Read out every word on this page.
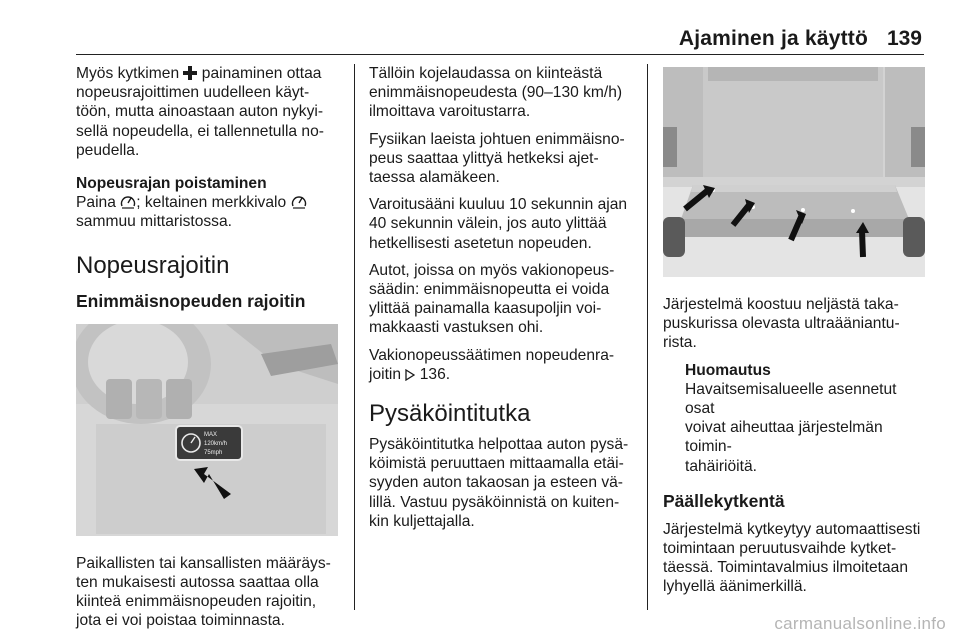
Ajaminen ja käyttö 139

Myös kytkimen  painaminen ottaa
nopeusrajoittimen uudelleen käyt-
töön, mutta ainoastaan auton nykyi-
sellä nopeudella, ei tallennetulla no-
peudella.

Nopeusrajan poistaminen
Paina ; keltainen merkkivalo
sammuu mittaristossa.

Nopeusrajoitin
Enimmäisnopeuden rajoitin
MAX
120km/h
75mph

Paikallisten tai kansallisten määräys-
ten mukaisesti autossa saattaa olla
kiinteä enimmäisnopeuden rajoitin,
jota ei voi poistaa toiminnasta.

Tällöin kojelaudassa on kiinteästä
enimmäisnopeudesta (90–130 km/h)
ilmoittava varoitustarra.

Fysiikan laeista johtuen enimmäisno-
peus saattaa ylittyä hetkeksi ajet-
taessa alamäkeen.

Varoitusääni kuuluu 10 sekunnin ajan
40 sekunnin välein, jos auto ylittää
hetkellisesti asetetun nopeuden.

Autot, joissa on myös vakionopeus-
säädin: enimmäisnopeutta ei voida
ylittää painamalla kaasupoljin voi-
makkaasti vastuksen ohi.

Vakionopeussäätimen nopeudenra-
joitin  136.

Pysäköintitutka

Pysäköintitutka helpottaa auton pysä-
köimistä peruuttaen mittaamalla etäi-
syyden auton takaosan ja esteen vä-
lillä. Vastuu pysäköinnistä on kuiten-
kin kuljettajalla.

Järjestelmä koostuu neljästä taka-
puskurissa olevasta ultraääniantu-
rista.

Huomautus
Havaitsemisalueelle asennetut osat
voivat aiheuttaa järjestelmän toimin-
tahäiriöitä.
Päällekytkentä

Järjestelmä kytkeytyy automaattisesti
toimintaan peruutusvaihde kytket-
täessä. Toimintavalmius ilmoitetaan
lyhyellä äänimerkillä.

carmanualsonline.info
